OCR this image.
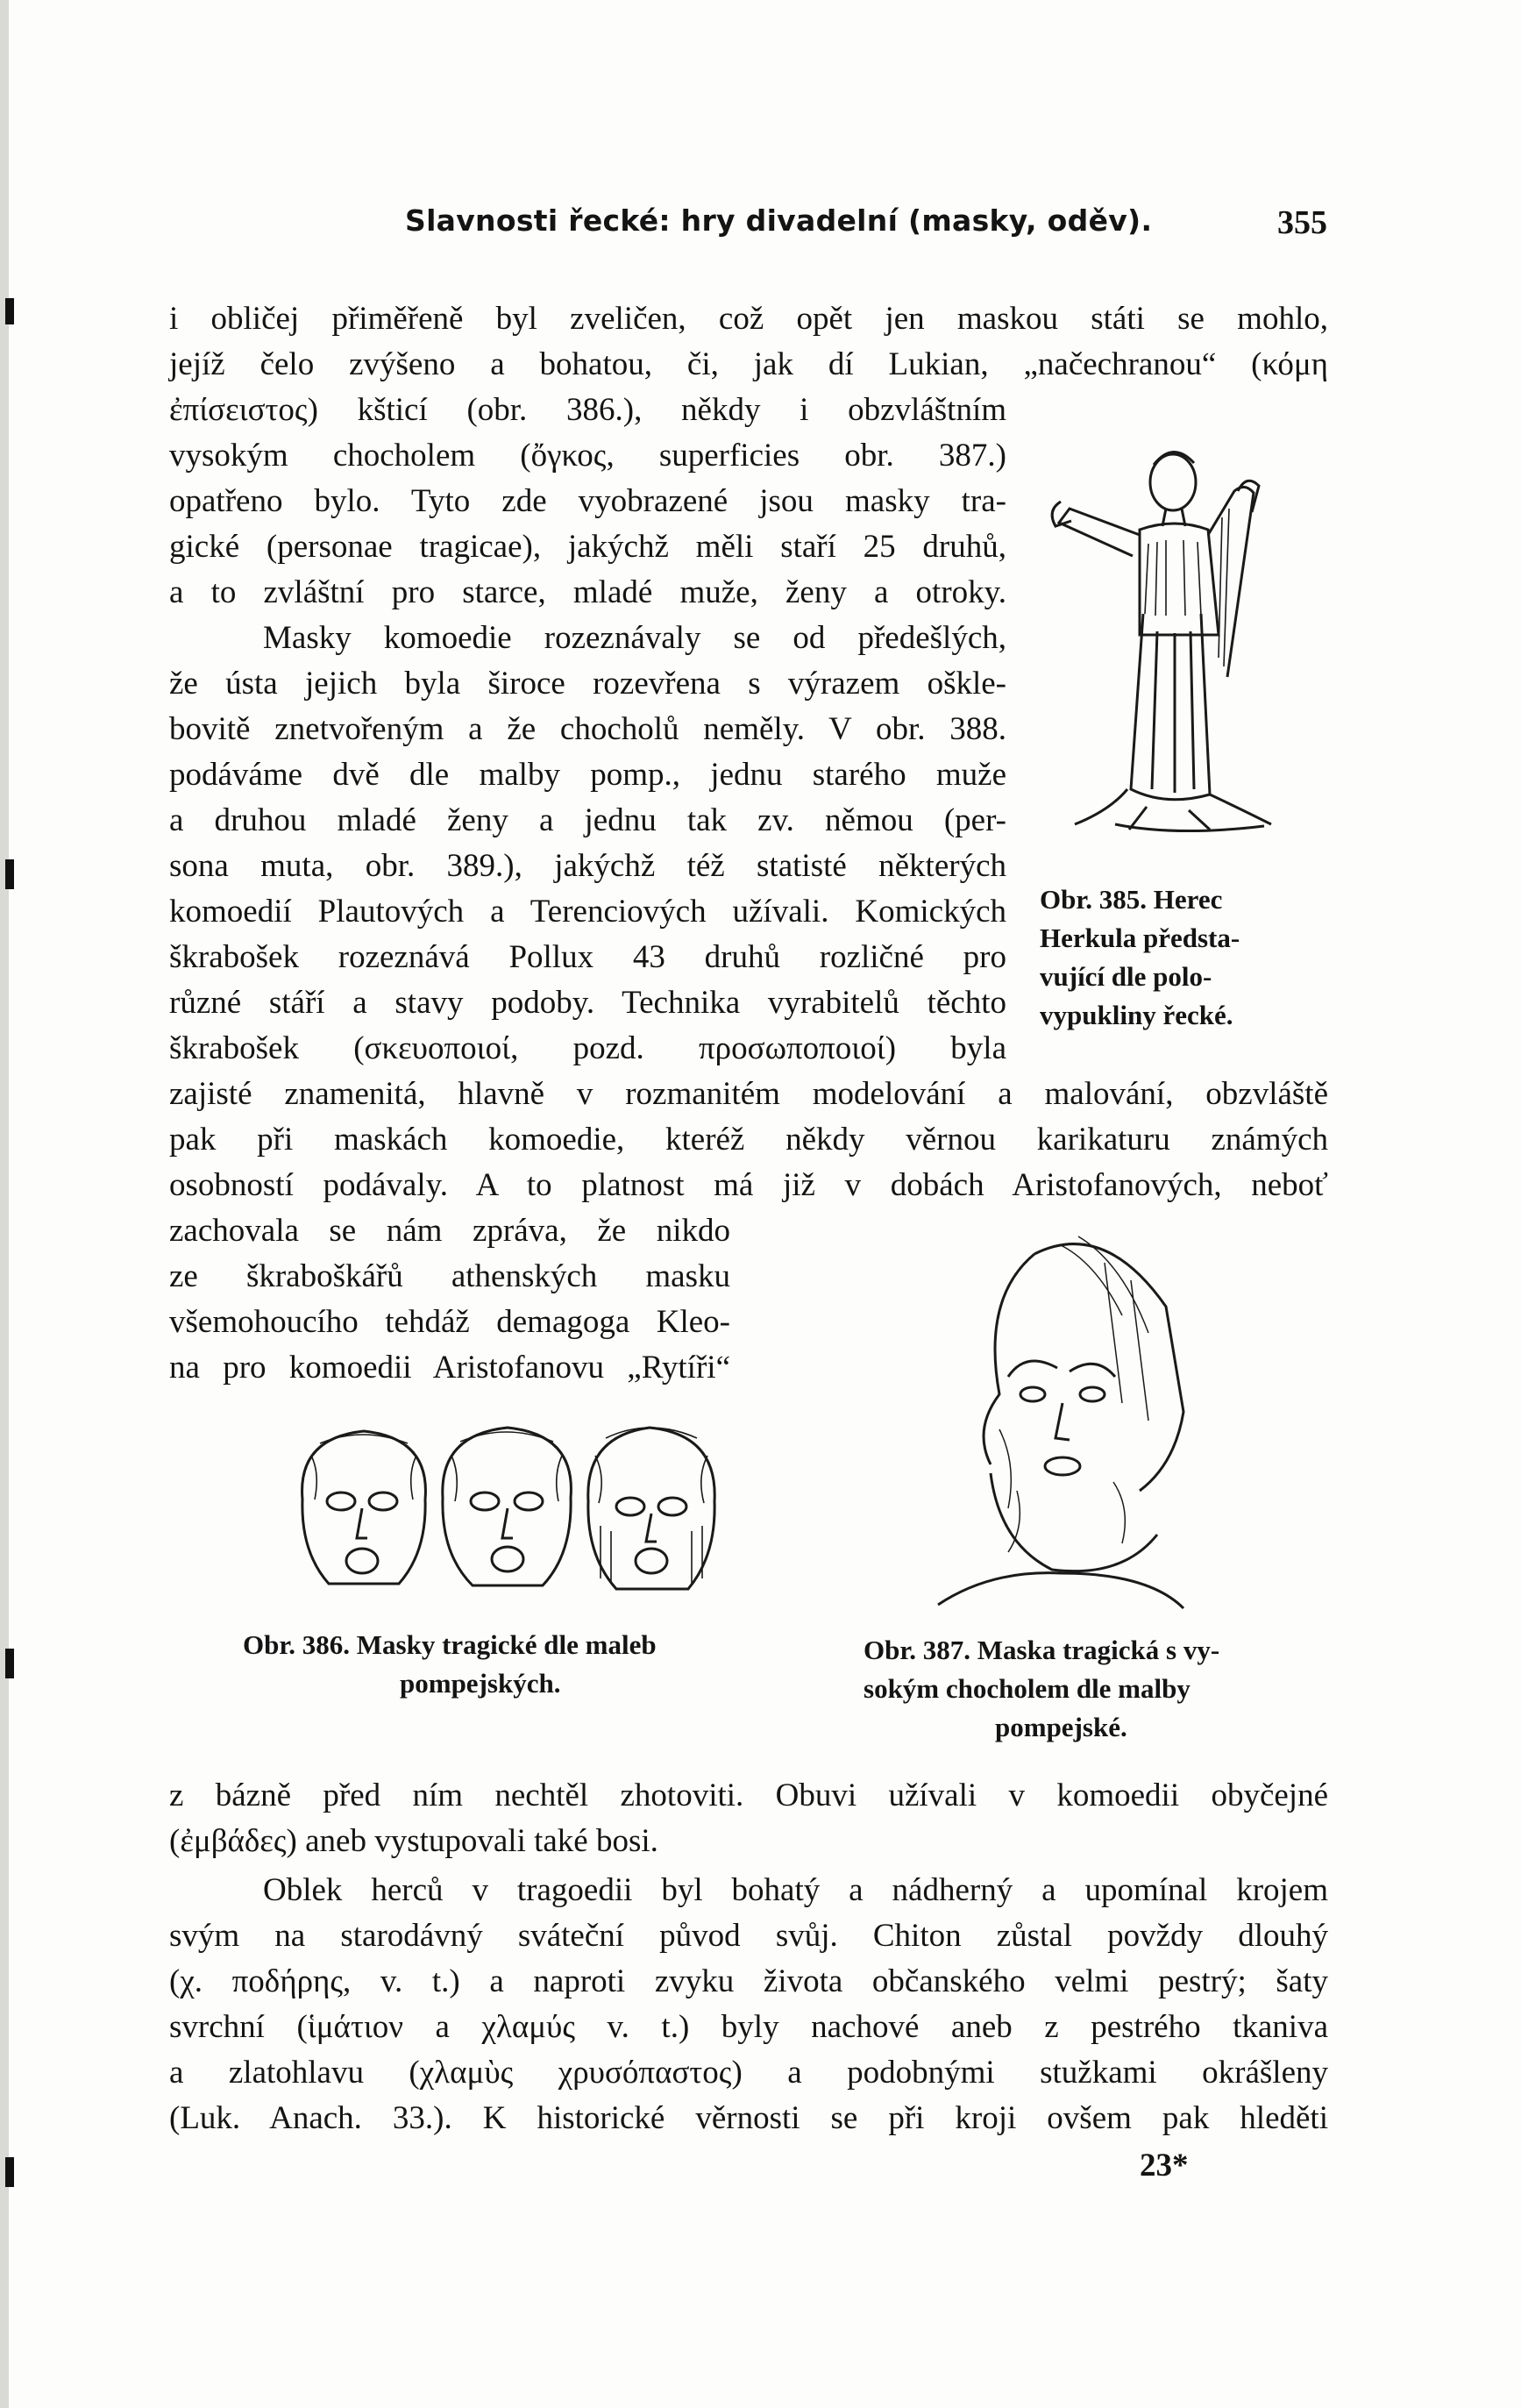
Slavnosti řecké: hry divadelní (masky, oděv).	355
i obličej přiměřeně byl zveličen, což opět jen maskou státi se mohlo,
jejíž čelo zvýšeno a bohatou, či, jak dí Lukian, „načechranou“ (κόμη
ἐπίσειστος) kšticí (obr. 386.), někdy i obzvláštním
vysokým chocholem (ὄγκος, superficies obr. 387.)
opatřeno bylo. Tyto zde vyobrazené jsou masky tra-
gické (personae tragicae), jakýchž měli staří 25 druhů,
a to zvláštní pro starce, mladé muže, ženy a otroky.
Masky komoedie rozeznávaly se od předešlých,
že ústa jejich byla široce rozevřena s výrazem oškle-
bovitě znetvořeným a že chocholů neměly. V obr. 388.
podáváme dvě dle malby pomp., jednu starého muže
a druhou mladé ženy a jednu tak zv. němou (per-
sona muta, obr. 389.), jakýchž též statisté některých
komoedií Plautových a Terenciových užívali. Komických
škrabošek rozeznává Pollux 43 druhů rozličné pro
různé stáří a stavy podoby. Technika vyrabitelů těchto
škrabošek (σκευοποιοί, pozd. προσωποποιοί) byla
Obr. 385. Herec
Herkula předsta-
vující dle polo-
vypukliny řecké.
zajisté znamenitá, hlavně v rozmanitém modelování a malování, obzvláště
pak při maskách komoedie, kteréž někdy věrnou karikaturu známých
osobností podávaly. A to platnost má již v dobách Aristofanových, neboť
zachovala se nám zpráva, že nikdo
ze škraboškářů athenských masku
všemohoucího tehdáž demagoga Kleo-
na pro komoedii Aristofanovu „Rytíři“
Obr. 386. Masky tragické dle maleb
pompejských.
Obr. 387. Maska tragická s vy-
sokým chocholem dle malby
pompejské.
z bázně před ním nechtěl zhotoviti. Obuvi užívali v komoedii obyčejné
(ἐμβάδες) aneb vystupovali také bosi.
Oblek herců v tragoedii byl bohatý a nádherný a upomínal krojem
svým na starodávný sváteční původ svůj. Chiton zůstal povždy dlouhý
(χ. ποδήρης, v. t.) a naproti zvyku života občanského velmi pestrý; šaty
svrchní (ἱμάτιον a χλαμύς v. t.) byly nachové aneb z pestrého tkaniva
a zlatohlavu (χλαμὺς χρυσόπαστος) a podobnými stužkami okrášleny
(Luk. Anach. 33.). K historické věrnosti se při kroji ovšem pak hleděti
23*
